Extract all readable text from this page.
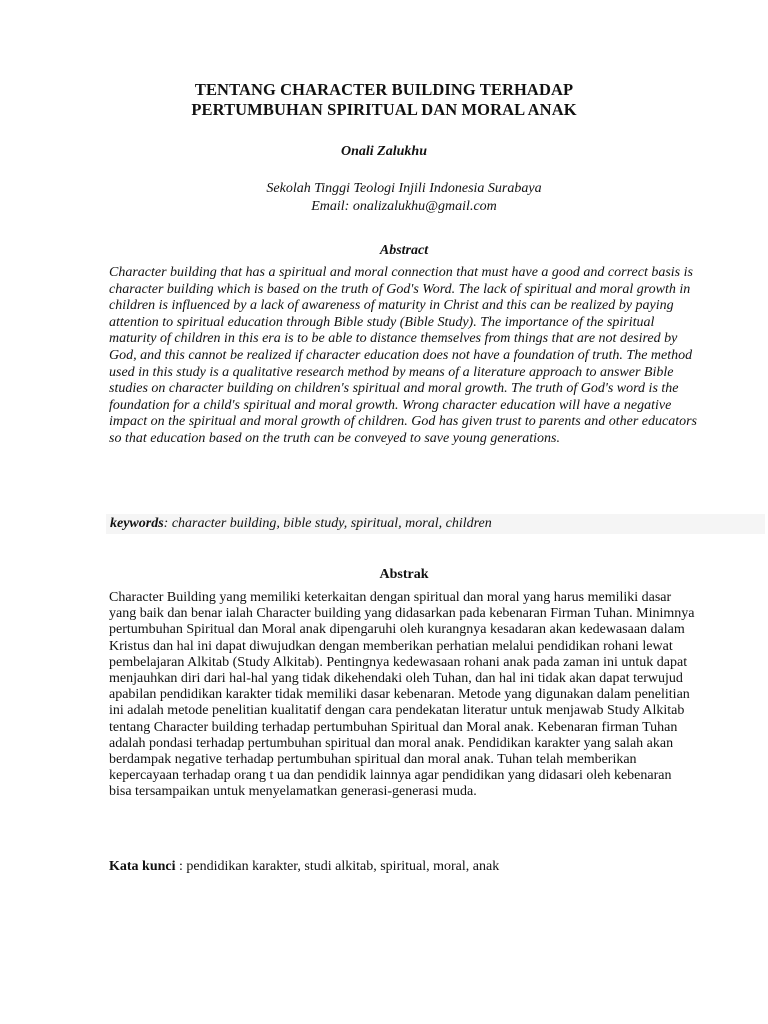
TENTANG CHARACTER BUILDING TERHADAP
PERTUMBUHAN SPIRITUAL DAN MORAL ANAK
Onali Zalukhu
Sekolah Tinggi Teologi Injili Indonesia Surabaya
Email: onalizalukhu@gmail.com
Abstract

Character building that has a spiritual and moral connection that must have a good and correct basis is character building which is based on the truth of God's Word. The lack of spiritual and moral growth in children is influenced by a lack of awareness of maturity in Christ and this can be realized by paying attention to spiritual education through Bible study (Bible Study). The importance of the spiritual maturity of children in this era is to be able to distance themselves from things that are not desired by God, and this cannot be realized if character education does not have a foundation of truth. The method used in this study is a qualitative research method by means of a literature approach to answer Bible studies on character building on children's spiritual and moral growth. The truth of God's word is the foundation for a child's spiritual and moral growth. Wrong character education will have a negative impact on the spiritual and moral growth of children. God has given trust to parents and other educators so that education based on the truth can be conveyed to save young generations.

keywords: character building, bible study, spiritual, moral, children
Abstrak

Character Building yang memiliki keterkaitan dengan spiritual dan moral yang harus memiliki dasar yang baik dan benar ialah Character building yang didasarkan pada kebenaran Firman Tuhan. Minimnya pertumbuhan Spiritual dan Moral anak dipengaruhi oleh kurangnya kesadaran akan kedewasaan dalam Kristus dan hal ini dapat diwujudkan dengan memberikan perhatian melalui pendidikan rohani lewat pembelajaran Alkitab (Study Alkitab). Pentingnya kedewasaan rohani anak pada zaman ini untuk dapat menjauhkan diri dari hal-hal yang tidak dikehendaki oleh Tuhan, dan hal ini tidak akan dapat terwujud apabilan pendidikan karakter tidak memiliki dasar kebenaran. Metode yang digunakan dalam penelitian ini adalah metode penelitian kualitatif dengan cara pendekatan literatur untuk menjawab Study Alkitab tentang Character building terhadap pertumbuhan Spiritual dan Moral anak. Kebenaran firman Tuhan adalah pondasi terhadap pertumbuhan spiritual dan moral anak. Pendidikan karakter yang salah akan berdampak negative terhadap pertumbuhan spiritual dan moral anak. Tuhan telah memberikan kepercayaan terhadap orang t ua dan pendidik lainnya agar pendidikan yang didasari oleh kebenaran bisa tersampaikan untuk menyelamatkan generasi-generasi muda.

Kata kunci : pendidikan karakter, studi alkitab, spiritual, moral, anak
